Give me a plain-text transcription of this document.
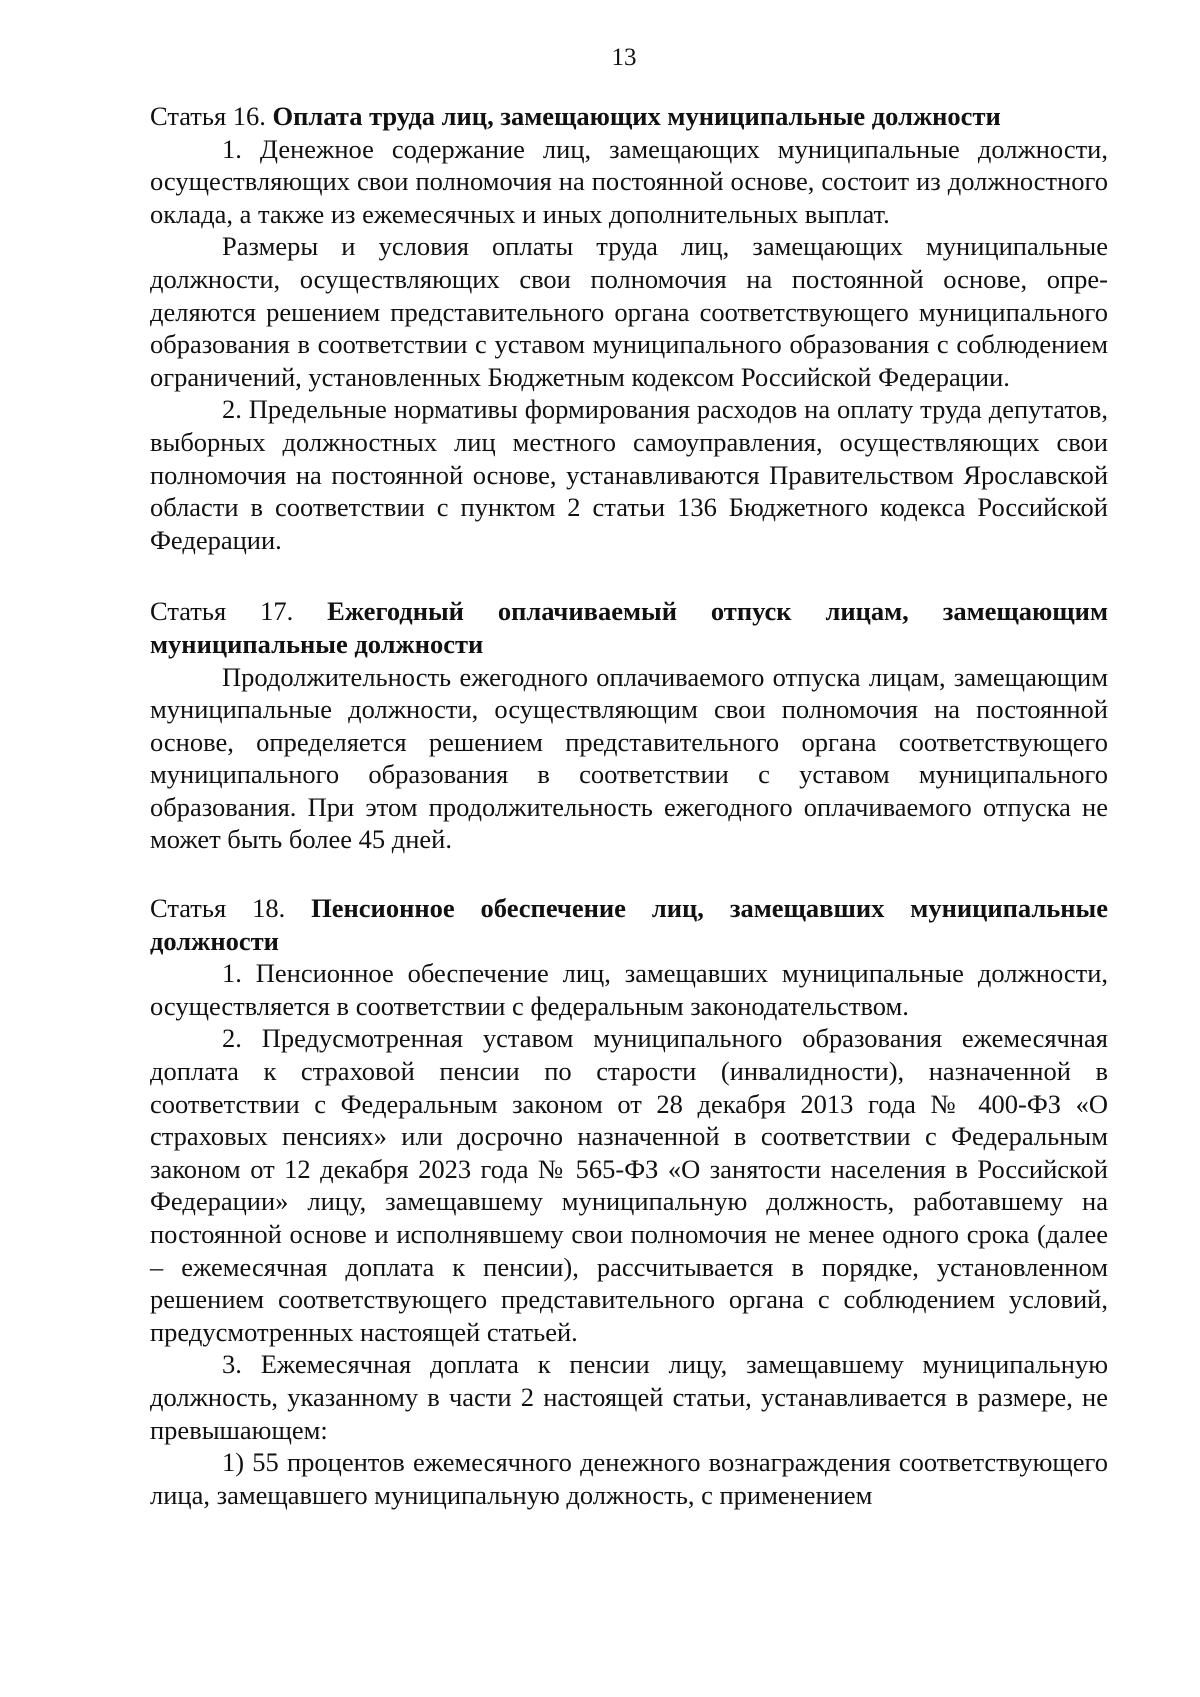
13

Статья 16. Оплата труда лиц, замещающих муниципальные должности

1. Денежное содержание лиц, замещающих муниципальные должности, осуществляющих свои полномочия на постоянной основе, состоит из должностного оклада, а также из ежемесячных и иных дополнительных выплат.

Размеры и условия оплаты труда лиц, замещающих муниципальные должности, осуществляющих свои полномочия на постоянной основе, определяются решением представительного органа соответствующего муниципального образования в соответствии с уставом муниципального образования с соблюдением ограничений, установленных Бюджетным кодексом Российской Федерации.

2. Предельные нормативы формирования расходов на оплату труда депутатов, выборных должностных лиц местного самоуправления, осуществляющих свои полномочия на постоянной основе, устанавливаются Правительством Ярославской области в соответствии с пунктом 2 статьи 136 Бюджетного кодекса Российской Федерации.

Статья 17. Ежегодный оплачиваемый отпуск лицам, замещающим муниципальные должности

Продолжительность ежегодного оплачиваемого отпуска лицам, замещающим муниципальные должности, осуществляющим свои полномочия на постоянной основе, определяется решением представительного органа соответствующего муниципального образования в соответствии с уставом муниципального образования. При этом продолжительность ежегодного оплачиваемого отпуска не может быть более 45 дней.

Статья 18. Пенсионное обеспечение лиц, замещавших муниципальные должности

1. Пенсионное обеспечение лиц, замещавших муниципальные должности, осуществляется в соответствии с федеральным законодательством.

2. Предусмотренная уставом муниципального образования ежемесячная доплата к страховой пенсии по старости (инвалидности), назначенной в соответствии с Федеральным законом от 28 декабря 2013 года № 400-ФЗ «О страховых пенсиях» или досрочно назначенной в соответствии с Федеральным законом от 12 декабря 2023 года № 565-ФЗ «О занятости населения в Российской Федерации» лицу, замещавшему муниципальную должность, работавшему на постоянной основе и исполнявшему свои полномочия не менее одного срока (далее – ежемесячная доплата к пенсии), рассчитывается в порядке, установленном решением соответствующего представительного органа с соблюдением условий, предусмотренных настоящей статьей.

3. Ежемесячная доплата к пенсии лицу, замещавшему муниципальную должность, указанному в части 2 настоящей статьи, устанавливается в размере, не превышающем:

1) 55 процентов ежемесячного денежного вознаграждения соответствующего лица, замещавшего муниципальную должность, с применением
